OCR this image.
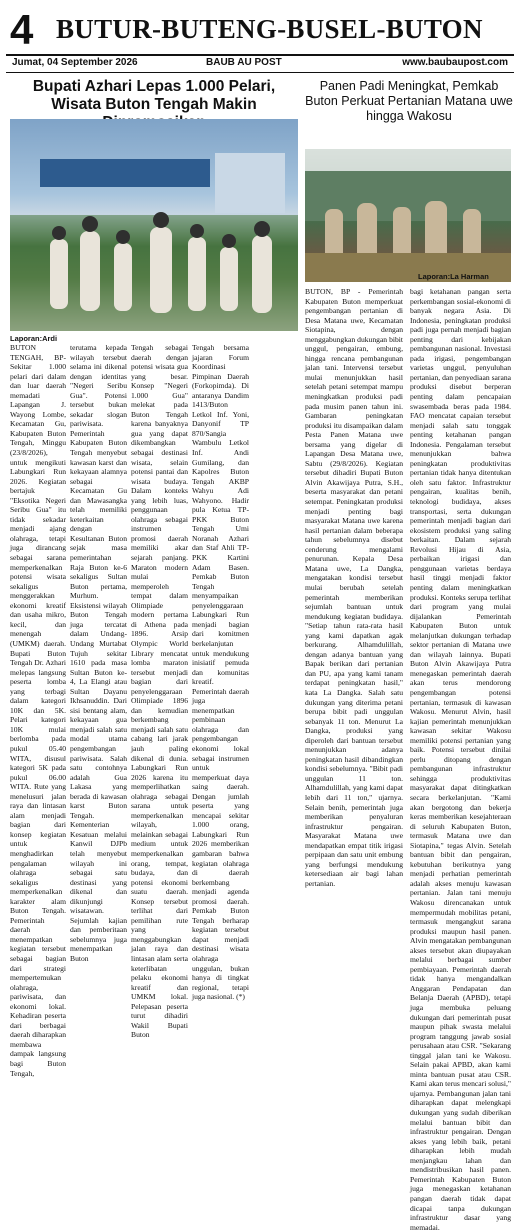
4 BUTUR-BUTENG-BUSEL-BUTON
Jumat, 04 September 2026	BAUB AU POST	www.baubaupost.com
Bupati Azhari Lepas 1.000 Pelari, Wisata Buton Tengah Makin
Panen Padi Meningkat, Pemkab Buton Perkuat Pertanian Matana uwe hingga Wakosu
Laporan:Ardi
Laporan:La Harman
BUTON TENGAH, BP- Sekitar 1.000 pelari dari dalam dan luar daerah memadati Lapangan J. Wayong Lombe, Kecamatan Gu, Kabupaten Buton Tengah, Minggu (23/8/2026), untuk mengikuti Labungkari Run 2026. Kegiatan bertajuk "Eksotika Negeri Seribu Gua" itu tidak sekadar menjadi ajang olahraga, tetapi juga dirancang sebagai sarana memperkenalkan potensi wisata sekaligus menggerakkan ekonomi kreatif dan usaha mikro, kecil, dan menengah (UMKM) daerah. Bupati Buton Tengah Dr. Azhari melepas langsung peserta lomba yang terbagi dalam kategori 10K dan 5K. Pelari kategori 10K mulai berlomba pada pukul 05.40 WITA, disusul kategori 5K pada pukul 06.00 WITA. Rute yang menelusuri jalan raya dan lintasan alam menjadi bagian dari konsep kegiatan untuk menghadirkan pengalaman olahraga sekaligus memperkenalkan karakter alam Buton Tengah. Pemerintah daerah menempatkan kegiatan tersebut sebagai bagian dari strategi mempertemukan olahraga, pariwisata, dan ekonomi lokal. Kehadiran peserta dari berbagai daerah diharapkan membawa dampak langsung bagi Buton Tengah,
terutama kepada wilayah tersebut selama ini dikenal dengan identitas "Negeri Seribu Gua". Potensi tersebut bukan sekadar slogan pariwisata. Pemerintah Kabupaten Buton Tengah menyebut kawasan karst dan kekayaan alamnya sebagai Kecamatan Gu dan Mawasangka telah memiliki keterkaitan dengan Kesultanan Buton sejak masa pemerintahan Raja Buton ke-6 sekaligus Sultan Buton pertama, Murhum. Eksistensi wilayah Buton Tengah juga tercatat dalam Undang-Undang Murtabat Tujuh sekitar 1610 pada masa Sultan Buton ke-4, La Elangi atau Sultan Dayanu Ikhsanuddin. Dari sisi bentang alam, kekayaan gua menjadi salah satu modal utama pengembangan pariwisata. Salah satu contohnya adalah Gua Lakasa yang berada di kawasan karst Buton Tengah. Kementerian Kesatuan melalui Kanwil DJPb telah menyebut wilayah ini sebagai satu destinasi yang dikenal dan dikunjungi wisatawan. Sejumlah kajian dan pemberitaan sebelumnya juga menempatkan Buton
Tengah sebagai daerah dengan potensi wisata gua yang besar. Konsep "Negeri 1.000 Gua" melekat pada Buton Tengah karena banyaknya gua yang dapat dikembangkan sebagai destinasi wisata, selain potensi pantai dan wisata budaya. Dalam konteks yang lebih luas, penggunaan olahraga sebagai instrumen promosi daerah memiliki akar sejarah panjang. Maraton modern mulai memperoleh tempat dalam Olimpiade modern pertama di Athena pada 1896. Arsip Olympic World Library mencatat lomba maraton tersebut menjadi bagian dari penyelenggaraan Olimpiade 1896 dan kemudian berkembang menjadi salah satu cabang lari jarak jauh paling dikenal di dunia. Labungkari Run 2026 karena itu memperlihatkan olahraga sebagai sarana untuk memperkenalkan wilayah, melainkan sebagai medium untuk memperkenalkan orang, tempat, budaya, dan potensi ekonomi suatu daerah. Konsep tersebut terlihat dari pemilihan rute yang menggabungkan jalan raya dan lintasan alam serta keterlibatan pelaku ekonomi kreatif dan UMKM lokal. Pelepasan peserta turut dihadiri Wakil Bupati Buton
Tengah bersama jajaran Forum Koordinasi Pimpinan Daerah (Forkopimda). Di antaranya Dandim 1413/Buton Letkol Inf. Yoni, Danyonif TP 870/Sangia Wambulu Letkol Inf. Andi Gumilang, dan Kapolres Buton Tengah AKBP Wahyu Adi Wahyono. Hadir pula Ketua TP-PKK Buton Tengah Umi Noranah Azhari dan Staf Ahli TP-PKK Kartini Adam Basen. Pemkab Buton Tengah menyampaikan penyelenggaraan Labungkari Run menjadi bagian dari komitmen berkelanjutan untuk mendukung inisiatif pemuda dan komunitas kreatif. Pemerintah daerah juga menempatkan pembinaan olahraga dan pengembangan ekonomi lokal sebagai instrumen untuk memperkuat daya saing daerah. Dengan jumlah peserta yang mencapai sekitar 1.000 orang, Labungkari Run 2026 memberikan gambaran bahwa kegiatan olahraga di daerah berkembang menjadi agenda promosi daerah. Pemkab Buton Tengah berharap kegiatan tersebut dapat menjadi destinasi wisata olahraga unggulan, bukan hanya di tingkat regional, tetapi juga nasional. (*)
BUTON, BP - Pemerintah Kabupaten Buton memperkuat pengembangan pertanian di Desa Matana uwe, Kecamatan Siotapina, dengan menggabungkan dukungan bibit unggul, pengairan, embung, hingga rencana pembangunan jalan tani. Intervensi tersebut mulai menunjukkan hasil setelah petani setempat mampu meningkatkan produksi padi pada musim panen tahun ini. Gambaran peningkatan produksi itu disampaikan dalam Pesta Panen Matana uwe bersama yang digelar di Lapangan Desa Matana uwe, Sabtu (29/8/2026). Kegiatan tersebut dihadiri Bupati Buton Alvin Akawijaya Putra, S.H., beserta masyarakat dan petani setempat. Peningkatan produksi menjadi penting bagi masyarakat Matana uwe karena hasil pertanian dalam beberapa tahun sebelumnya disebut cenderung mengalami penurunan. Kepala Desa Matana uwe, La Dangka, mengatakan kondisi tersebut mulai berubah setelah pemerintah memberikan sejumlah bantuan untuk mendukung kegiatan budidaya. "Setiap tahun rata-rata hasil yang kami dapatkan agak berkurang. Alhamdulillah, dengan adanya bantuan yang Bapak berikan dari pertanian dan PU, apa yang kami tanam terdapat peningkatan hasil," kata La Dangka. Salah satu dukungan yang diterima petani berupa bibit padi unggulan sebanyak 11 ton. Menurut La Dangka, produksi yang diperoleh dari bantuan tersebut menunjukkan adanya peningkatan hasil dibandingkan kondisi sebelumnya. "Bibit padi unggulan 11 ton. Alhamdulillah, yang kami dapat lebih dari 11 ton," ujarnya. Selain benih, pemerintah juga memberikan penyaluran infrastruktur pengairan. Masyarakat Matana uwe mendapatkan empat titik irigasi perpipaan dan satu unit embung yang berfungsi mendukung ketersediaan air bagi lahan pertanian.
bagi ketahanan pangan serta perkembangan sosial-ekonomi di banyak negara Asia. Di Indonesia, peningkatan produksi padi juga pernah menjadi bagian penting dari kebijakan pembangunan nasional. Investasi pada irigasi, pengembangan varietas unggul, penyuluhan pertanian, dan penyediaan sarana produksi disebut berperan penting dalam pencapaian swasembada beras pada 1984. FAO mencatat capaian tersebut menjadi salah satu tonggak penting ketahanan pangan Indonesia. Pengalaman tersebut menunjukkan bahwa peningkatan produktivitas pertanian tidak hanya ditentukan oleh satu faktor. Infrastruktur pengairan, kualitas benih, teknologi budidaya, akses transportasi, serta dukungan pemerintah menjadi bagian dari ekosistem produksi yang saling berkaitan. Dalam sejarah Revolusi Hijau di Asia, perbaikan irigasi dan penggunaan varietas berdaya hasil tinggi menjadi faktor penting dalam meningkatkan produksi. Konteks serupa terlihat dari program yang mulai dijalankan Pemerintah Kabupaten Buton untuk melanjutkan dukungan terhadap sektor pertanian di Matana uwe dan wilayah lainnya. Bupati Buton Alvin Akawijaya Putra menegaskan pemerintah daerah akan terus mendorong pengembangan potensi pertanian, termasuk di kawasan Wakosu. Menurut Alvin, hasil kajian pemerintah menunjukkan kawasan sekitar Wakosu memiliki potensi pertanian yang baik. Potensi tersebut dinilai perlu ditopang dengan pembangunan infrastruktur sehingga produktivitas masyarakat dapat ditingkatkan secara berkelanjutan. "Kami akan bergotong dan bekerja keras memberikan kesejahteraan di seluruh Kabupaten Buton, termasuk Matana uwe dan Siotapina," tegas Alvin. Setelah bantuan bibit dan pengairan, kebutuhan berikutnya yang menjadi perhatian pemerintah adalah akses menuju kawasan pertanian. Jalan tani menuju Wakosu direncanakan untuk mempermudah mobilitas petani, termasuk mengangkut sarana produksi maupun hasil panen. Alvin mengatakan pembangunan akses tersebut akan diupayakan melalui berbagai sumber pembiayaan. Pemerintah daerah tidak hanya mengandalkan Anggaran Pendapatan dan Belanja Daerah (APBD), tetapi juga membuka peluang dukungan dari pemerintah pusat maupun pihak swasta melalui program tanggung jawab sosial perusahaan atau CSR. "Sekarang tinggal jalan tani ke Wakosu. Selain pakai APBD, akan kami minta bantuan pusat atau CSR. Kami akan terus mencari solusi," ujarnya. Pembangunan jalan tani diharapkan dapat melengkapi dukungan yang sudah diberikan melalui bantuan bibit dan infrastruktur pengairan. Dengan akses yang lebih baik, petani diharapkan lebih mudah menjangkau lahan dan mendistribusikan hasil panen. Pemerintah Kabupaten Buton juga menegaskan ketahanan pangan daerah tidak dapat dicapai tanpa dukungan infrastruktur dasar yang memadai.
